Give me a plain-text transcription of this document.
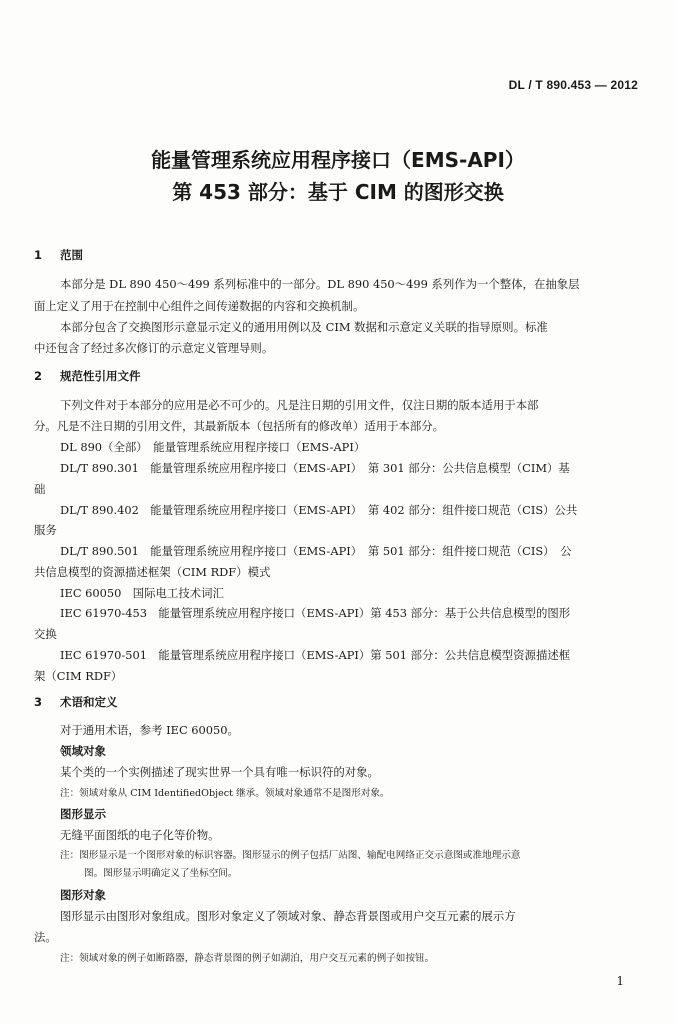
DL / T 890.453 — 2012
能量管理系统应用程序接口（EMS-API）
第 453 部分：基于 CIM 的图形交换
1 范围

本部分是 DL 890 450～499 系列标准中的一部分。DL 890 450～499 系列作为一个整体，在抽象层

面上定义了用于在控制中心组件之间传递数据的内容和交换机制。

本部分包含了交换图形示意显示定义的通用用例以及 CIM 数据和示意定义关联的指导原则。标准

中还包含了经过多次修订的示意定义管理导则。

2 规范性引用文件

下列文件对于本部分的应用是必不可少的。凡是注日期的引用文件，仅注日期的版本适用于本部

分。凡是不注日期的引用文件，其最新版本（包括所有的修改单）适用于本部分。

DL 890（全部）　能量管理系统应用程序接口（EMS-API）

DL/T 890.301　能量管理系统应用程序接口（EMS-API）　第 301 部分：公共信息模型（CIM）基

础

DL/T 890.402　能量管理系统应用程序接口（EMS-API）　第 402 部分：组件接口规范（CIS）公共

服务

DL/T 890.501　能量管理系统应用程序接口（EMS-API）　第 501 部分：组件接口规范（CIS）　公

共信息模型的资源描述框架（CIM RDF）模式

IEC 60050　国际电工技术词汇

IEC 61970-453　能量管理系统应用程序接口（EMS-API）第 453 部分：基于公共信息模型的图形

交换

IEC 61970-501　能量管理系统应用程序接口（EMS-API）第 501 部分：公共信息模型资源描述框

架（CIM RDF）

3 术语和定义

对于通用术语，参考 IEC 60050。

领域对象

某个类的一个实例描述了现实世界一个具有唯一标识符的对象。

注：领域对象从 CIM IdentifiedObject 继承。领域对象通常不是图形对象。

图形显示

无缝平面图纸的电子化等价物。

注：图形显示是一个图形对象的标识容器。图形显示的例子包括厂站图、输配电网络正交示意图或准地理示意

图。图形显示明确定义了坐标空间。

图形对象

图形显示由图形对象组成。图形对象定义了领域对象、静态背景图或用户交互元素的展示方

法。

注：领域对象的例子如断路器，静态背景图的例子如湖泊，用户交互元素的例子如按钮。

1
